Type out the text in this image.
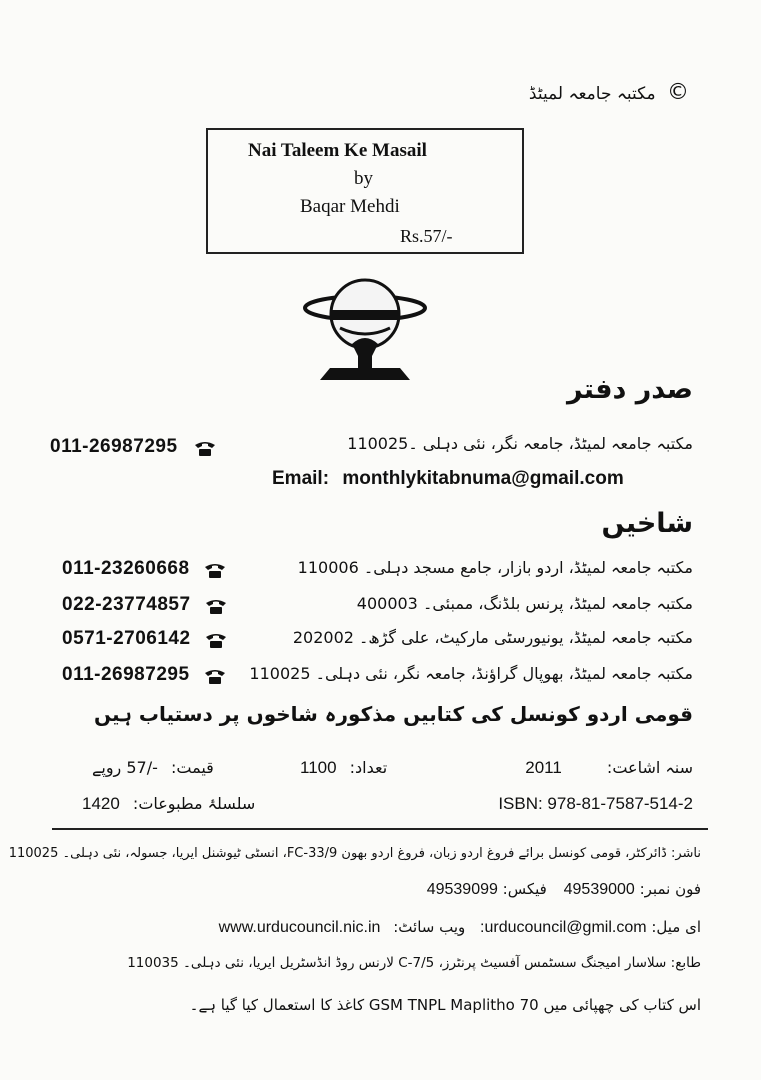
© مکتبہ جامعہ لمیٹڈ
Nai Taleem Ke Masail
by
Baqar Mehdi
Rs.57/-
صدر دفتر
مکتبہ جامعہ لمیٹڈ، جامعہ نگر، نئی دہلی ۔110025
011-26987295
Email: monthlykitabnuma@gmail.com
شاخیں
مکتبہ جامعہ لمیٹڈ، اردو بازار، جامع مسجد دہلی۔ 110006
011-23260668
مکتبہ جامعہ لمیٹڈ، پرنس بلڈنگ، ممبئی۔ 400003
022-23774857
مکتبہ جامعہ لمیٹڈ، یونیورسٹی مارکیٹ، علی گڑھ۔ 202002
0571-2706142
مکتبہ جامعہ لمیٹڈ، بھوپال گراؤنڈ، جامعہ نگر، نئی دہلی۔ 110025
011-26987295
قومی اردو کونسل کی کتابیں مذکورہ شاخوں پر دستیاب ہیں
سنہ اشاعت: 2011
تعداد: 1100
قیمت: -/57 روپے
ISBN: 978-81-7587-514-2
سلسلۂ مطبوعات: 1420
ناشر: ڈائرکٹر، قومی کونسل برائے فروغ اردو زبان، فروغ اردو بھون FC-33/9، انسٹی ٹیوشنل ایریا، جسولہ، نئی دہلی۔ 110025
فون نمبر: 49539000 فیکس: 49539099
ای میل: urducouncil@gmil.com: ویب سائٹ: www.urducouncil.nic.in
طابع: سلاسار امیجنگ سسٹمس آفسیٹ پرنٹرز، C-7/5 لارنس روڈ انڈسٹریل ایریا، نئی دہلی۔ 110035
اس کتاب کی چھپائی میں 70 GSM TNPL Maplitho کاغذ کا استعمال کیا گیا ہے۔
